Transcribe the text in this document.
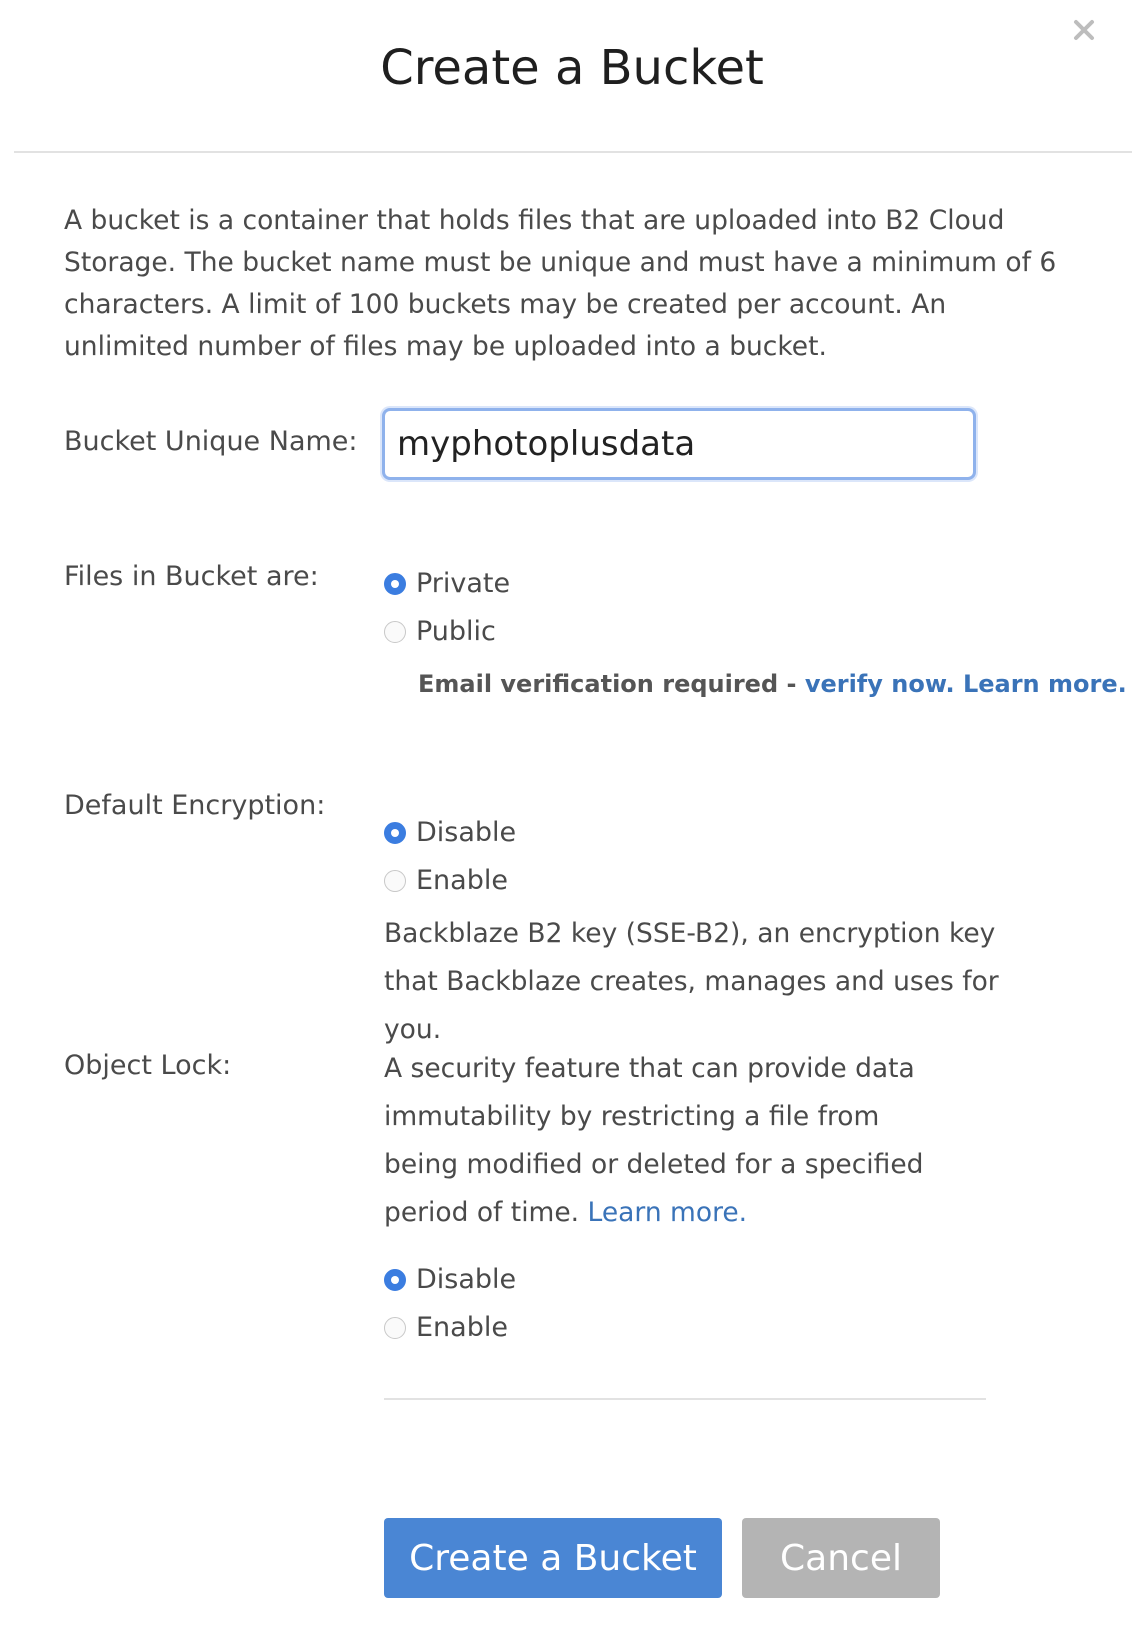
Create a Bucket

A bucket is a container that holds files that are uploaded into B2 Cloud Storage. The bucket name must be unique and must have a minimum of 6 characters. A limit of 100 buckets may be created per account. An unlimited number of files may be uploaded into a bucket.

Bucket Unique Name:
myphotoplusdata
Files in Bucket are:	Private
Public
Email verification required - verify now. Learn more.
Default Encryption:
Disable
Enable

Backblaze B2 key (SSE-B2), an encryption key that Backblaze creates, manages and uses for you.

Object Lock:	A security feature that can provide data immutability by restricting a file from being modified or deleted for a specified period of time. Learn more.

Disable
Enable
Create a Bucket	Cancel
